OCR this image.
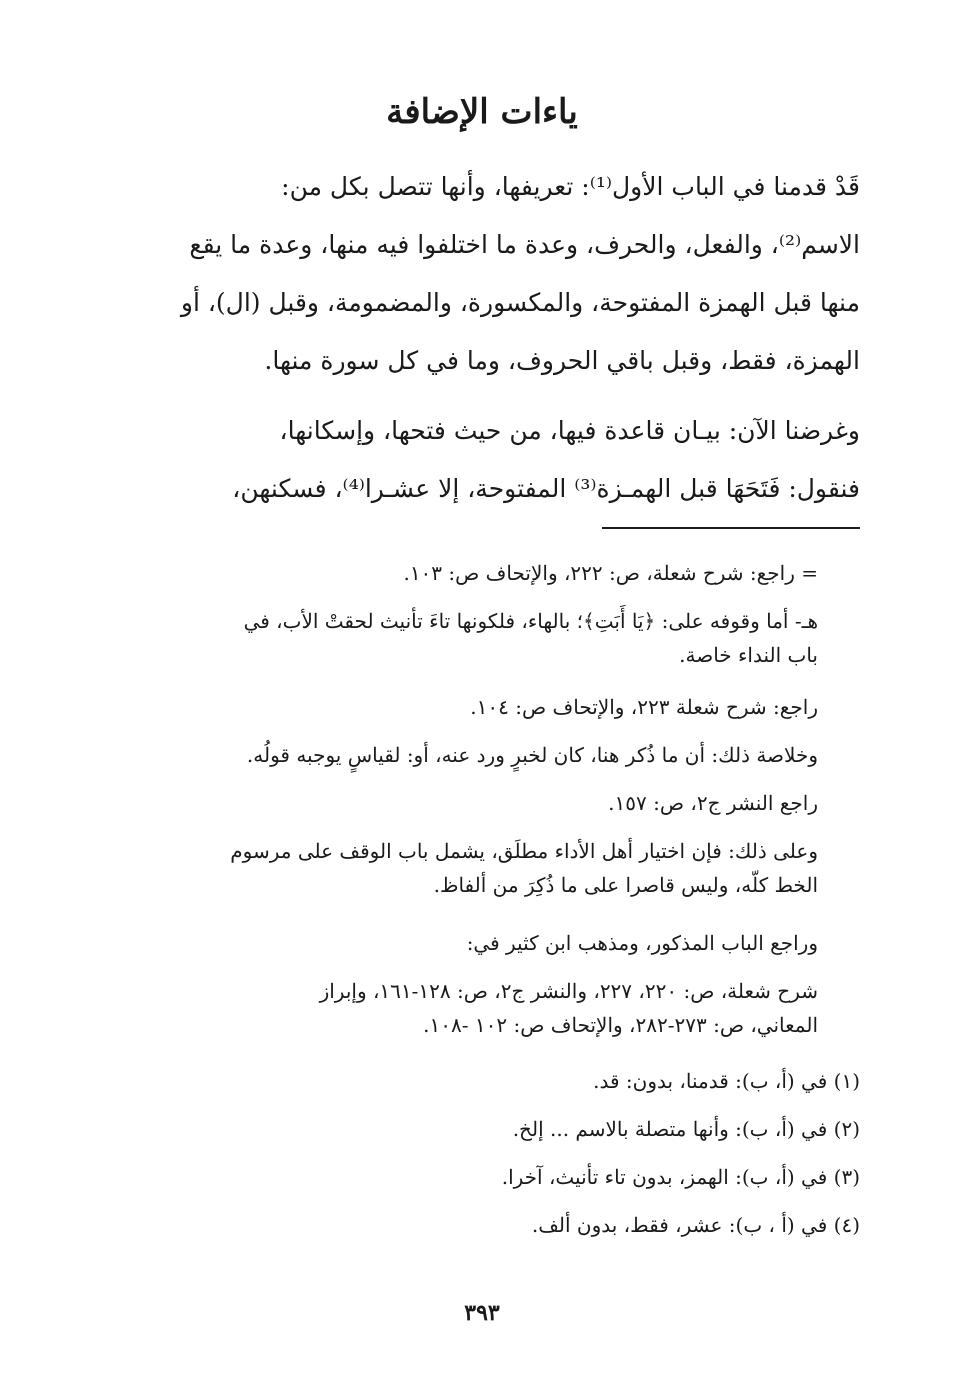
ياءات الإضافة
قَدْ قدمنا في الباب الأول⁽¹⁾: تعريفها، وأنها تتصل بكل من:
الاسم⁽²⁾، والفعل، والحرف، وعدة ما اختلفوا فيه منها، وعدة ما يقع
منها قبل الهمزة المفتوحة، والمكسورة، والمضمومة، وقبل (ال)، أو
الهمزة، فقط، وقبل باقي الحروف، وما في كل سورة منها.
وغرضنا الآن: بيـان قاعدة فيها، من حيث فتحها، وإسكانها،
فنقول: فَتَحَهَا قبل الهمـزة⁽³⁾ المفتوحة، إلا عشـرا⁽⁴⁾، فسكنهن،
= راجع: شرح شعلة، ص: ٢٢٢، والإتحاف ص: ١٠٣.
هـ- أما وقوفه على: ﴿يَا أَبَتِ﴾؛ بالهاء، فلكونها تاءَ تأنيث لحقتْ الأب، في
باب النداء خاصة.
راجع: شرح شعلة ٢٢٣، والإتحاف ص: ١٠٤.
وخلاصة ذلك: أن ما ذُكر هنا، كان لخبرٍ ورد عنه، أو: لقياسٍ يوجبه قولُه.
راجع النشر ج٢، ص: ١٥٧.
وعلى ذلك: فإن اختيار أهل الأداء مطلَق، يشمل باب الوقف على مرسوم
الخط كلّه، وليس قاصرا على ما ذُكِرَ من ألفاظ.
وراجع الباب المذكور، ومذهب ابن كثير في:
شرح شعلة، ص: ٢٢٠، ٢٢٧، والنشر ج٢، ص: ١٢٨-١٦١، وإبراز
المعاني، ص: ٢٧٣-٢٨٢، والإتحاف ص: ١٠٢ -١٠٨.
(١) في (أ، ب): قدمنا، بدون: قد.
(٢) في (أ، ب): وأنها متصلة بالاسم ... إلخ.
(٣) في (أ، ب): الهمز، بدون تاء تأنيث، آخرا.
(٤) في (أ ، ب): عشر، فقط، بدون ألف.
٣٩٣
